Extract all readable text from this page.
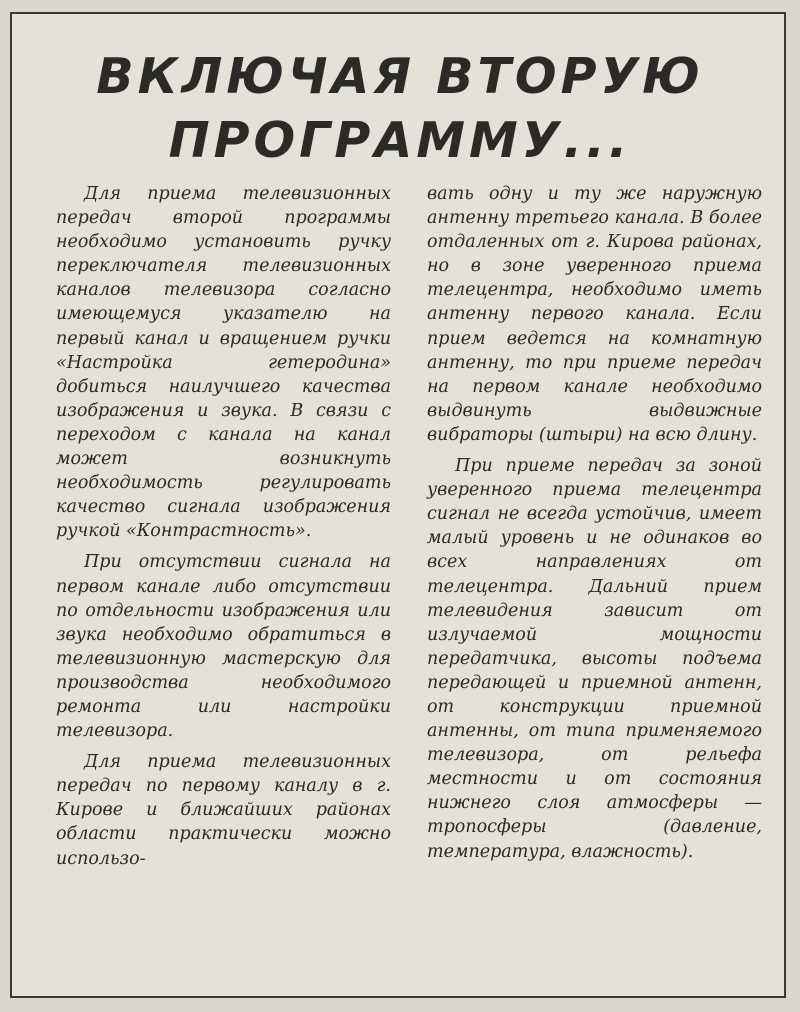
ВКЛЮЧАЯ ВТОРУЮ
ПРОГРАММУ...

Для приема телевизионных передач второй программы необходимо установить ручку переключателя телевизионных каналов телевизора согласно имеющемуся указателю на первый канал и вращением ручки «Настройка гетеродина» добиться наилучшего качества изображения и звука. В связи с переходом с канала на канал может возникнуть необходимость регулировать качество сигнала изображения ручкой «Контрастность».

При отсутствии сигнала на первом канале либо отсутствии по отдельности изображения или звука необходимо обратиться в телевизионную мастерскую для производства необходимого ремонта или настройки телевизора.

Для приема телевизионных передач по первому каналу в г. Кирове и ближайших районах области практически можно использо-

вать одну и ту же наружную антенну третьего канала. В более отдаленных от г. Кирова районах, но в зоне уверенного приема телецентра, необходимо иметь антенну первого канала. Если прием ведется на комнатную антенну, то при приеме передач на первом канале необходимо выдвинуть выдвижные вибраторы (штыри) на всю длину.

При приеме передач за зоной уверенного приема телецентра сигнал не всегда устойчив, имеет малый уровень и не одинаков во всех направлениях от телецентра. Дальний прием телевидения зависит от излучаемой мощности передатчика, высоты подъема передающей и приемной антенн, от конструкции приемной антенны, от типа применяемого телевизора, от рельефа местности и от состояния нижнего слоя атмосферы — тропосферы (давление, температура, влажность).
